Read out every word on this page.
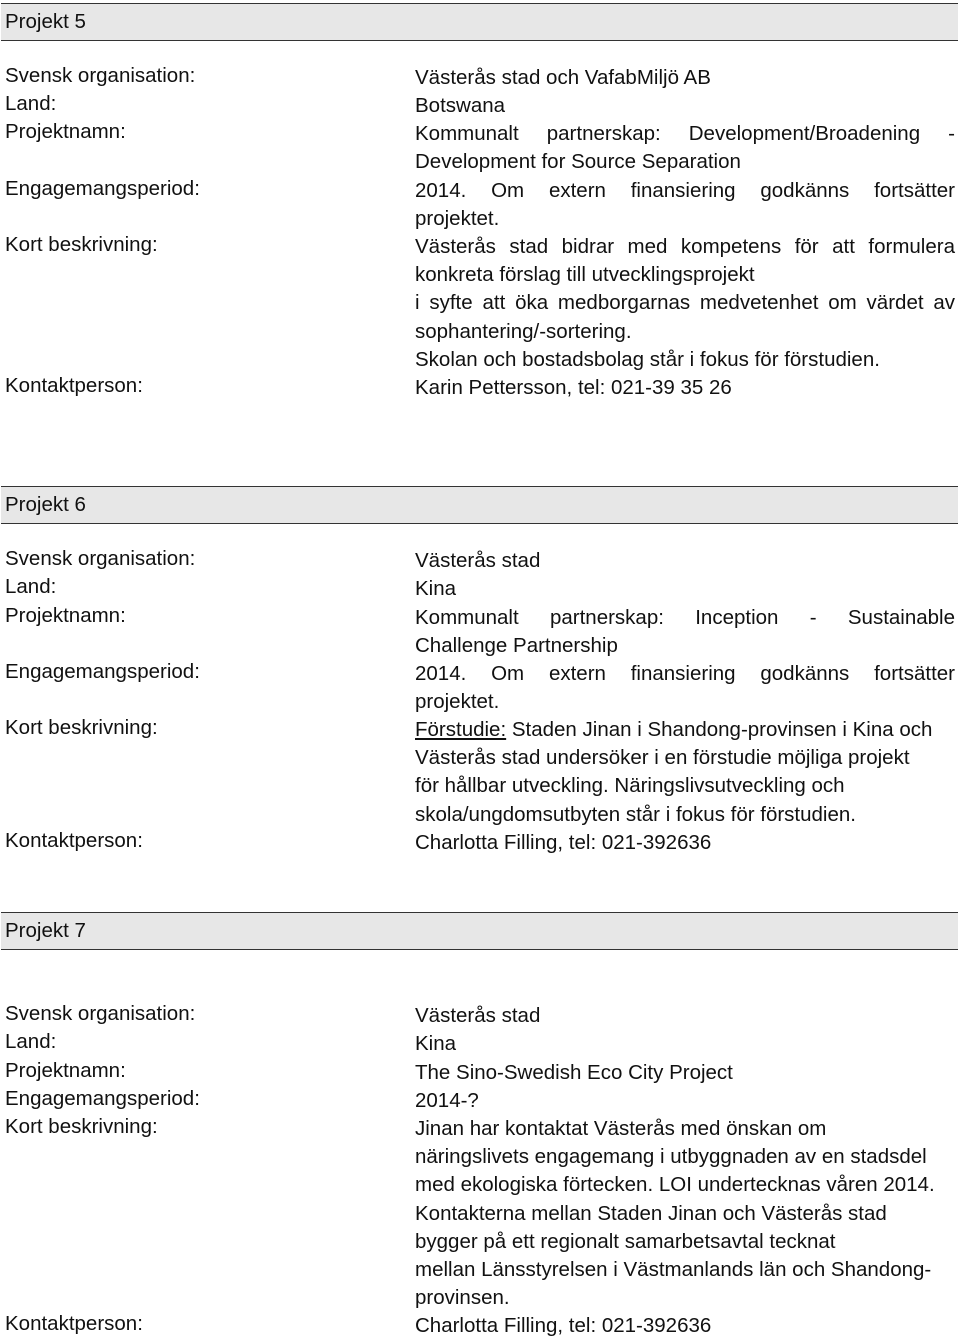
Projekt 5
Svensk organisation:	Västerås stad och VafabMiljö AB
Land:	Botswana
Projektnamn:	Kommunalt partnerskap: Development/Broadening -
Development for Source Separation
Engagemangsperiod:	2014. Om extern finansiering godkänns fortsätter
projektet.
Kort beskrivning:	Västerås stad bidrar med kompetens för att formulera
konkreta förslag till utvecklingsprojekt
i syfte att öka medborgarnas medvetenhet om värdet av
sophantering/-sortering.
Skolan och bostadsbolag står i fokus för förstudien.
Kontaktperson:	Karin Pettersson, tel: 021-39 35 26
Projekt 6
Svensk organisation:	Västerås stad
Land:	Kina
Projektnamn:	Kommunalt partnerskap: Inception - Sustainable
Challenge Partnership
Engagemangsperiod:	2014. Om extern finansiering godkänns fortsätter
projektet.
Kort beskrivning:	Förstudie: Staden Jinan i Shandong-provinsen i Kina och
Västerås stad undersöker i en förstudie möjliga projekt
för hållbar utveckling. Näringslivsutveckling och
skola/ungdomsutbyten står i fokus för förstudien.
Kontaktperson:	Charlotta Filling, tel: 021-392636
Projekt 7
Svensk organisation:	Västerås stad
Land:	Kina
Projektnamn:	The Sino-Swedish Eco City Project
Engagemangsperiod:	2014-?
Kort beskrivning:	Jinan har kontaktat Västerås med önskan om
näringslivets engagemang i utbyggnaden av en stadsdel
med ekologiska förtecken. LOI undertecknas våren 2014.
Kontakterna mellan Staden Jinan och Västerås stad
bygger på ett regionalt samarbetsavtal tecknat
mellan Länsstyrelsen i Västmanlands län och Shandong-
provinsen.
Kontaktperson:	Charlotta Filling, tel: 021-392636
